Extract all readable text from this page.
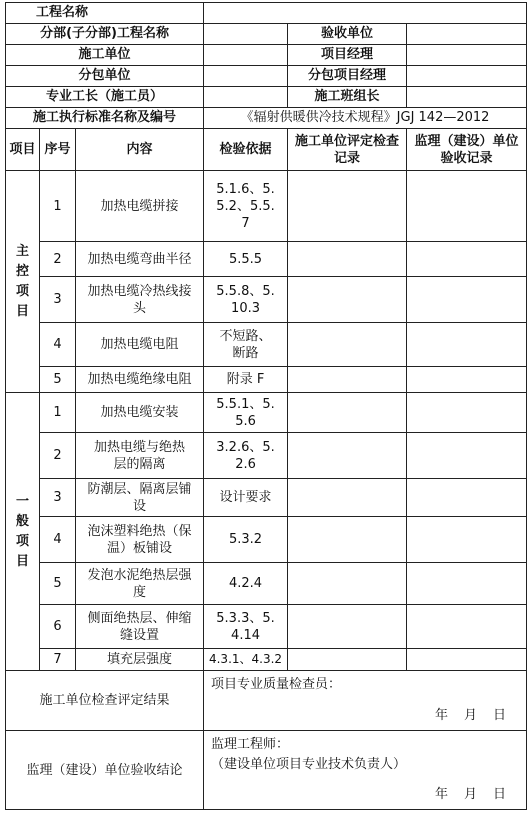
工程名称					
分部(子分部)工程名称				验收单位	
施工单位				项目经理	
分包单位				分包项目经理	
专业工长（施工员）				施工班组长	
施工执行标准名称及编号			《辐射供暖供冷技术规程》JGJ 142—2012		
项目	序号	内容	检验依据	施工单位评定检查记录	监理（建设）单位验收记录

主控项目	1	加热电缆拼接	5.1.6、5.5.2、5.5.7		

	2	加热电缆弯曲半径	5.5.5		
	3	加热电缆冷热线接头	5.5.8、5.10.3		

	4	加热电缆电阻	不短路、断路		

	5	加热电缆绝缘电阻	附录 F		

一般项目	1	加热电缆安装	5.5.1、5.5.6		

	2	加热电缆与绝热层的隔离	3.2.6、5.2.6		

	3	防潮层、隔离层铺设	设计要求		
	4	泡沫塑料绝热（保温）板铺设	5.3.2		
	5	发泡水泥绝热层强度	4.2.4		
	6	侧面绝热层、伸缩缝设置	5.3.3、5.4.14		

	7	填充层强度	4.3.1、4.3.2		
施工单位检查评定结果			项目专业质量检查员：
年 月 日		

监理（建设）单位验收结论			监理工程师：
（建设单位项目专业技术负责人）
年 月 日		
